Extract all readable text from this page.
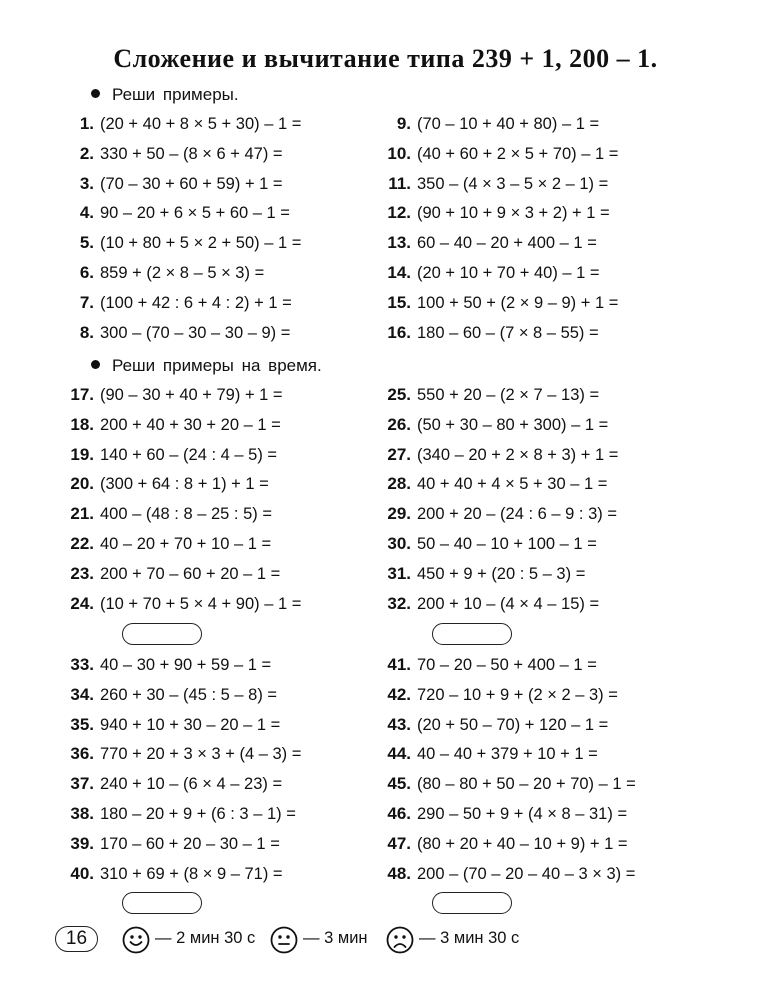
Сложение и вычитание типа 239 + 1, 200 – 1.
Реши примеры.
Реши примеры на время.
1. (20 + 40 + 8 × 5 + 30) – 1 =
2. 330 + 50 – (8 × 6 + 47) =
3. (70 – 30 + 60 + 59) + 1 =
4. 90 – 20 + 6 × 5 + 60 – 1 =
5. (10 + 80 + 5 × 2 + 50) – 1 =
6. 859 + (2 × 8 – 5 × 3) =
7. (100 + 42 : 6 + 4 : 2) + 1 =
8. 300 – (70 – 30 – 30 – 9) =
9. (70 – 10 + 40 + 80) – 1 =
10. (40 + 60 + 2 × 5 + 70) – 1 =
11. 350 – (4 × 3 – 5 × 2 – 1) =
12. (90 + 10 + 9 × 3 + 2) + 1 =
13. 60 – 40 – 20 + 400 – 1 =
14. (20 + 10 + 70 + 40) – 1 =
15. 100 + 50 + (2 × 9 – 9) + 1 =
16. 180 – 60 – (7 × 8 – 55) =
17.(90 – 30 + 40 + 79) + 1 =
18. 200 + 40 + 30 + 20 – 1 =
19. 140 + 60 – (24 : 4 – 5) =
20. (300 + 64 : 8 + 1) + 1 =
21. 400 – (48 : 8 – 25 : 5) =
22. 40 – 20 + 70 + 10 – 1 =
23. 200 + 70 – 60 + 20 – 1 =
24. (10 + 70 + 5 × 4 + 90) – 1 =
25. 550 + 20 – (2 × 7 – 13) =
26. (50 + 30 – 80 + 300) – 1 =
27. (340 – 20 + 2 × 8 + 3) + 1 =
28. 40 + 40 + 4 × 5 + 30 – 1 =
29. 200 + 20 – (24 : 6 – 9 : 3) =
30. 50 – 40 – 10 + 100 – 1 =
31. 450 + 9 + (20 : 5 – 3) =
32. 200 + 10 – (4 × 4 – 15) =
33. 40 – 30 + 90 + 59 – 1 =
34. 260 + 30 – (45 : 5 – 8) =
35. 940 + 10 + 30 – 20 – 1 =
36. 770 + 20 + 3 × 3 + (4 – 3) =
37. 240 + 10 – (6 × 4 – 23) =
38. 180 – 20 + 9 + (6 : 3 – 1) =
39. 170 – 60 + 20 – 30 – 1 =
40. 310 + 69 + (8 × 9 – 71) =
41. 70 – 20 – 50 + 400 – 1 =
42. 720 – 10 + 9 + (2 × 2 – 3) =
43. (20 + 50 – 70) + 120 – 1 =
44. 40 – 40 + 379 + 10 + 1 =
45. (80 – 80 + 50 – 20 + 70) – 1 =
46. 290 – 50 + 9 + (4 × 8 – 31) =
47. (80 + 20 + 40 – 10 + 9) + 1 =
48. 200 – (70 – 20 – 40 – 3 × 3) =
16	— 2 мин 30 с	— 3 мин	— 3 мин 30 с
